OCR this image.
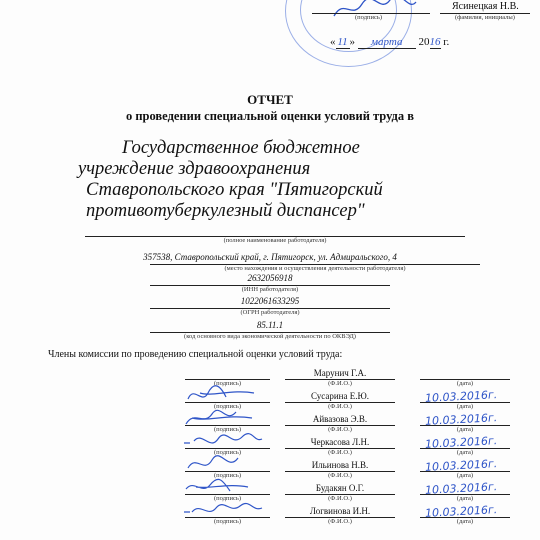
Ясинецкая Н.В.
(подпись)	(фамилия, инициалы)
« 11 » марта 2016 г.
ОТЧЕТ
о проведении специальной оценки условий труда в
Государственное бюджетное
учреждение здравоохранения
Ставропольского края "Пятигорский
противотуберкулезный диспансер"
(полное наименование работодателя)
357538, Ставропольский край, г. Пятигорск, ул. Адмиральского, 4
(место нахождения и осуществления деятельности работодателя)
2632056918
(ИНН работодателя)
1022061633295
(ОГРН работодателя)
85.11.1
(код основного вида экономической деятельности по ОКВЭД)
Члены комиссии по проведению специальной оценки условий труда:
(подпись)
Марунич Г.А.
(Ф.И.О.)	(дата)
(подпись)
Сусарина Е.Ю.
(Ф.И.О.)
10.03.2016г.
(дата)
(подпись)
Айвазова Э.В.
(Ф.И.О.)
10.03.2016г.
(дата)
(подпись)
Черкасова Л.Н.
(Ф.И.О.)
10.03.2016г.
(дата)
(подпись)
Ильинова Н.В.
(Ф.И.О.)
10.03.2016г.
(дата)
(подпись)
Будакян О.Г.
(Ф.И.О.)
10.03.2016г.
(дата)
(подпись)
Логвинова И.Н.
(Ф.И.О.)
10.03.2016г.
(дата)
